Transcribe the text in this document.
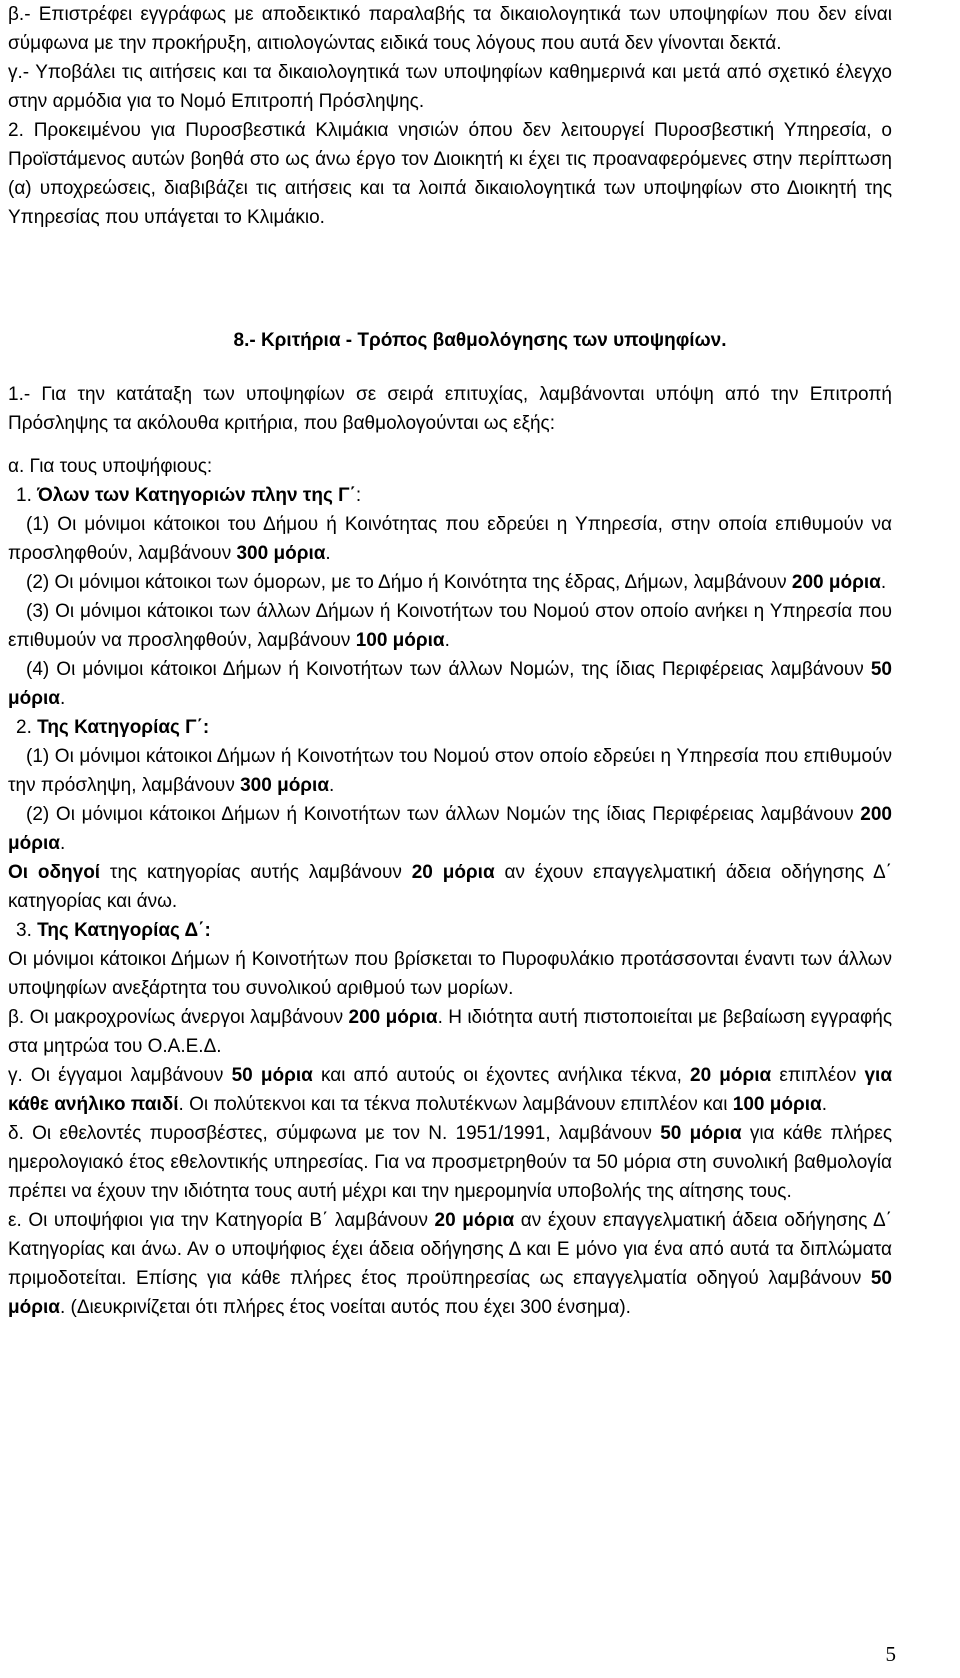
β.- Επιστρέφει εγγράφως με αποδεικτικό παραλαβής τα δικαιολογητικά των υποψηφίων που δεν είναι σύμφωνα με την προκήρυξη, αιτιολογώντας ειδικά τους λόγους που αυτά δεν γίνονται δεκτά.

γ.- Υποβάλει τις αιτήσεις και τα δικαιολογητικά των υποψηφίων καθημερινά και μετά από σχετικό έλεγχο στην αρμόδια για το Νομό Επιτροπή Πρόσληψης.

2. Προκειμένου για Πυροσβεστικά Κλιμάκια νησιών όπου δεν λειτουργεί Πυροσβεστική Υπηρεσία, ο Προϊστάμενος αυτών βοηθά στο ως άνω έργο τον Διοικητή κι έχει τις προαναφερόμενες στην περίπτωση (α) υποχρεώσεις, διαβιβάζει τις αιτήσεις και τα λοιπά δικαιολογητικά των υποψηφίων στο Διοικητή της Υπηρεσίας που υπάγεται το Κλιμάκιο.

8.- Κριτήρια - Τρόπος βαθμολόγησης των υποψηφίων.

1.- Για την κατάταξη των υποψηφίων σε σειρά επιτυχίας, λαμβάνονται υπόψη από την Επιτροπή Πρόσληψης τα ακόλουθα κριτήρια, που βαθμολογούνται ως εξής:

α. Για τους υποψήφιους:

1. Όλων των Κατηγοριών πλην της Γ΄:

(1) Οι μόνιμοι κάτοικοι του Δήμου ή Κοινότητας που εδρεύει η Υπηρεσία, στην οποία επιθυμούν να προσληφθούν, λαμβάνουν 300 μόρια.

(2) Οι μόνιμοι κάτοικοι των όμορων, με το Δήμο ή Κοινότητα της έδρας, Δήμων, λαμβάνουν 200 μόρια.

(3) Οι μόνιμοι κάτοικοι των άλλων Δήμων ή Κοινοτήτων του Νομού στον οποίο ανήκει η Υπηρεσία που επιθυμούν να προσληφθούν, λαμβάνουν 100 μόρια.

(4) Οι μόνιμοι κάτοικοι Δήμων ή Κοινοτήτων των άλλων Νομών, της ίδιας Περιφέρειας λαμβάνουν 50 μόρια.

2. Της Κατηγορίας Γ΄:

(1) Οι μόνιμοι κάτοικοι Δήμων ή Κοινοτήτων του Νομού στον οποίο εδρεύει η Υπηρεσία που επιθυμούν την πρόσληψη, λαμβάνουν 300 μόρια.

(2) Οι μόνιμοι κάτοικοι Δήμων ή Κοινοτήτων των άλλων Νομών της ίδιας Περιφέρειας λαμβάνουν 200 μόρια.

Οι οδηγοί της κατηγορίας αυτής λαμβάνουν 20 μόρια αν έχουν επαγγελματική άδεια οδήγησης Δ΄ κατηγορίας και άνω.

3. Της Κατηγορίας Δ΄:

Οι μόνιμοι κάτοικοι Δήμων ή Κοινοτήτων που βρίσκεται το Πυροφυλάκιο προτάσσονται έναντι των άλλων υποψηφίων ανεξάρτητα του συνολικού αριθμού των μορίων.

β. Οι μακροχρονίως άνεργοι λαμβάνουν 200 μόρια. Η ιδιότητα αυτή πιστοποιείται με βεβαίωση εγγραφής στα μητρώα του Ο.Α.Ε.Δ.

γ. Οι έγγαμοι λαμβάνουν 50 μόρια και από αυτούς οι έχοντες ανήλικα τέκνα, 20 μόρια επιπλέον για κάθε ανήλικο παιδί. Οι πολύτεκνοι και τα τέκνα πολυτέκνων λαμβάνουν επιπλέον και 100 μόρια.

δ. Οι εθελοντές πυροσβέστες, σύμφωνα με τον Ν. 1951/1991, λαμβάνουν 50 μόρια για κάθε πλήρες ημερολογιακό έτος εθελοντικής υπηρεσίας. Για να προσμετρηθούν τα 50 μόρια στη συνολική βαθμολογία πρέπει να έχουν την ιδιότητα τους αυτή μέχρι και την ημερομηνία υποβολής της αίτησης τους.

ε. Οι υποψήφιοι για την Κατηγορία Β΄ λαμβάνουν 20 μόρια αν έχουν επαγγελματική άδεια οδήγησης Δ΄ Κατηγορίας και άνω. Αν ο υποψήφιος έχει άδεια οδήγησης Δ και Ε μόνο για ένα από αυτά τα διπλώματα πριμοδοτείται. Επίσης για κάθε πλήρες έτος προϋπηρεσίας ως επαγγελματία οδηγού λαμβάνουν 50 μόρια. (Διευκρινίζεται ότι πλήρες έτος νοείται αυτός που έχει 300 ένσημα).

5
